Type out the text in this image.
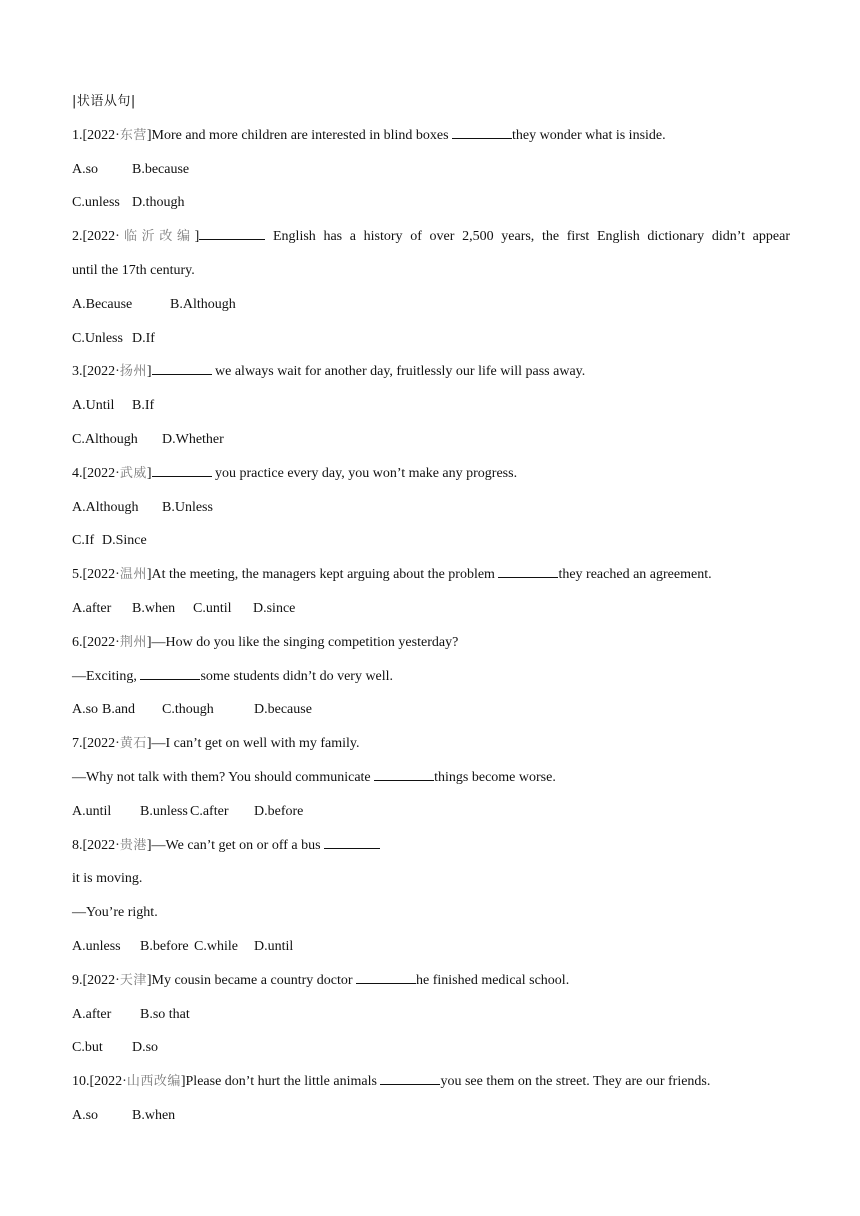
|状语从句|
1.[2022· 东营 ] More and more children are interested in blind boxes	they wonder what is inside.
A.so	B.because
C.unless D.though
2.[2022·临沂改编]	English has a history of over 2,500 years, the first English dictionary didn’t appear
until the 17th century.
A.Because	B.Although
C.Unless D.If
3.[2022· 扬州 ]	we always wait for another day, fruitlessly our life will pass away.
A.Until	B.If
C.Although	D.Whether
4.[2022· 武威 ]	you practice every day, you won’t make any progress.
A.Although	B.Unless
C.If D.Since
5.[2022· 温州 ] At the meeting, the managers kept arguing about the problem	they reached an agreement.
A.after	B.when	C.until	D.since
6.[2022· 荆州 ] —How do you like the singing competition yesterday?
—Exciting,	some students didn’t do very well.
A.so B.and	C.though	D.because
7.[2022· 黄石 ] —I can’t get on well with my family.
—Why not talk with them? You should communicate	things become worse.
A.until	B.unless C.after	D.before
8.[2022· 贵港 ] —We can’t get on or off a bus
it is moving.
—You’re right.
A.unless	B.before C.while	D.until
9.[2022· 天津 ] My cousin became a country doctor	he finished medical school.
A.after	B.so that
C.but	D.so
10.[2022· 山西改编 ] Please don’t hurt the little animals	you see them on the street. They are our friends.
A.so	B.when
